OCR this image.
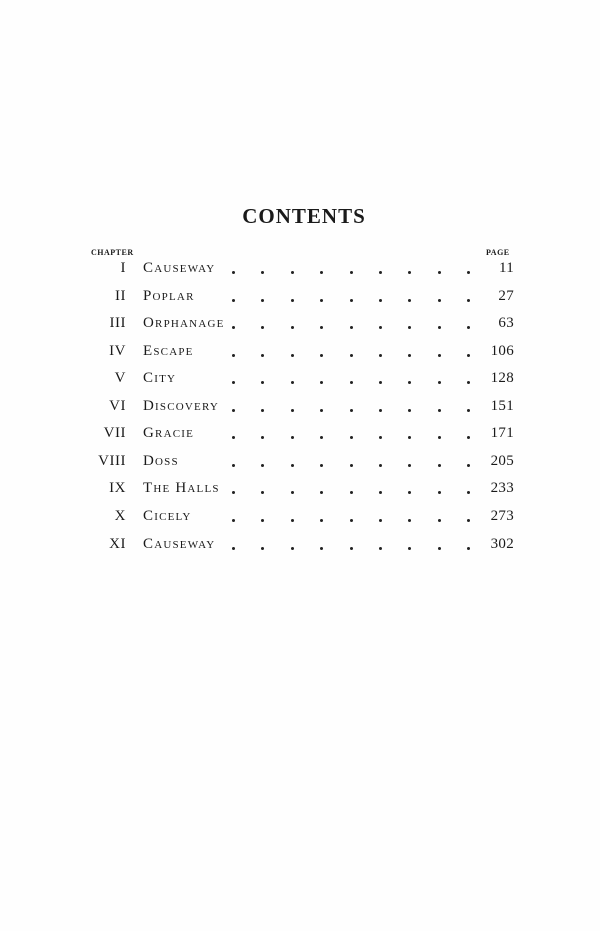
CONTENTS
CHAPTER	PAGE
I Causeway	11
II Poplar	27
III Orphanage	63
IV Escape	106
V City	128
VI Discovery	151
VII Gracie	171
VIII Doss	205
IX The Halls	233
X Cicely	273
XI Causeway	302
